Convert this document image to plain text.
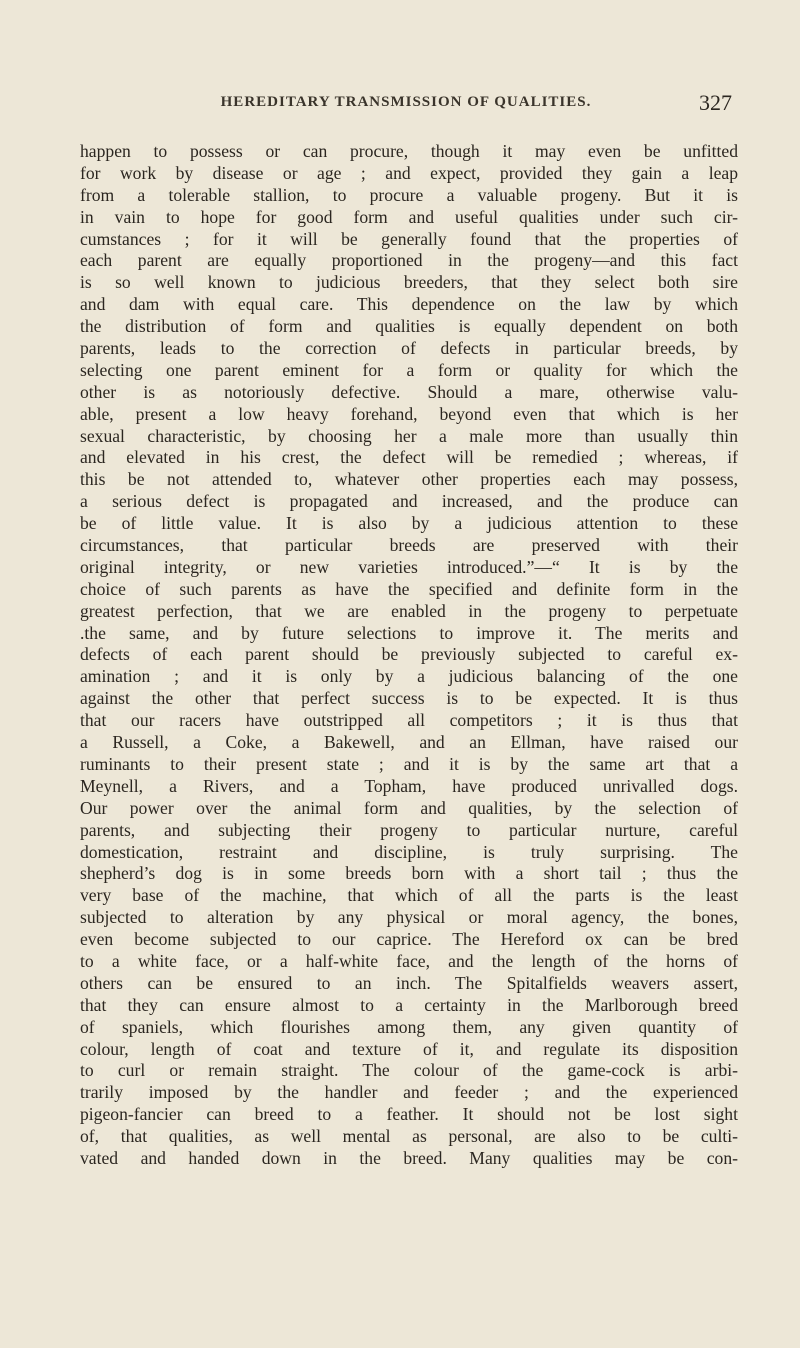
HEREDITARY TRANSMISSION OF QUALITIES.	327
happen to possess or can procure, though it may even be unfitted
for work by disease or age ; and expect, provided they gain a leap
from a tolerable stallion, to procure a valuable progeny. But it is
in vain to hope for good form and useful qualities under such cir-
cumstances ; for it will be generally found that the properties of
each parent are equally proportioned in the progeny—and this fact
is so well known to judicious breeders, that they select both sire
and dam with equal care. This dependence on the law by which
the distribution of form and qualities is equally dependent on both
parents, leads to the correction of defects in particular breeds, by
selecting one parent eminent for a form or quality for which the
other is as notoriously defective. Should a mare, otherwise valu-
able, present a low heavy forehand, beyond even that which is her
sexual characteristic, by choosing her a male more than usually thin
and elevated in his crest, the defect will be remedied ; whereas, if
this be not attended to, whatever other properties each may possess,
a serious defect is propagated and increased, and the produce can
be of little value. It is also by a judicious attention to these
circumstances, that particular breeds are preserved with their
original integrity, or new varieties introduced.”—“ It is by the
choice of such parents as have the specified and definite form in the
greatest perfection, that we are enabled in the progeny to perpetuate
.the same, and by future selections to improve it. The merits and
defects of each parent should be previously subjected to careful ex-
amination ; and it is only by a judicious balancing of the one
against the other that perfect success is to be expected. It is thus
that our racers have outstripped all competitors ; it is thus that
a Russell, a Coke, a Bakewell, and an Ellman, have raised our
ruminants to their present state ; and it is by the same art that a
Meynell, a Rivers, and a Topham, have produced unrivalled dogs.
Our power over the animal form and qualities, by the selection of
parents, and subjecting their progeny to particular nurture, careful
domestication, restraint and discipline, is truly surprising. The
shepherd’s dog is in some breeds born with a short tail ; thus the
very base of the machine, that which of all the parts is the least
subjected to alteration by any physical or moral agency, the bones,
even become subjected to our caprice. The Hereford ox can be bred
to a white face, or a half-white face, and the length of the horns of
others can be ensured to an inch. The Spitalfields weavers assert,
that they can ensure almost to a certainty in the Marlborough breed
of spaniels, which flourishes among them, any given quantity of
colour, length of coat and texture of it, and regulate its disposition
to curl or remain straight. The colour of the game-cock is arbi-
trarily imposed by the handler and feeder ; and the experienced
pigeon-fancier can breed to a feather. It should not be lost sight
of, that qualities, as well mental as personal, are also to be culti-
vated and handed down in the breed. Many qualities may be con-
